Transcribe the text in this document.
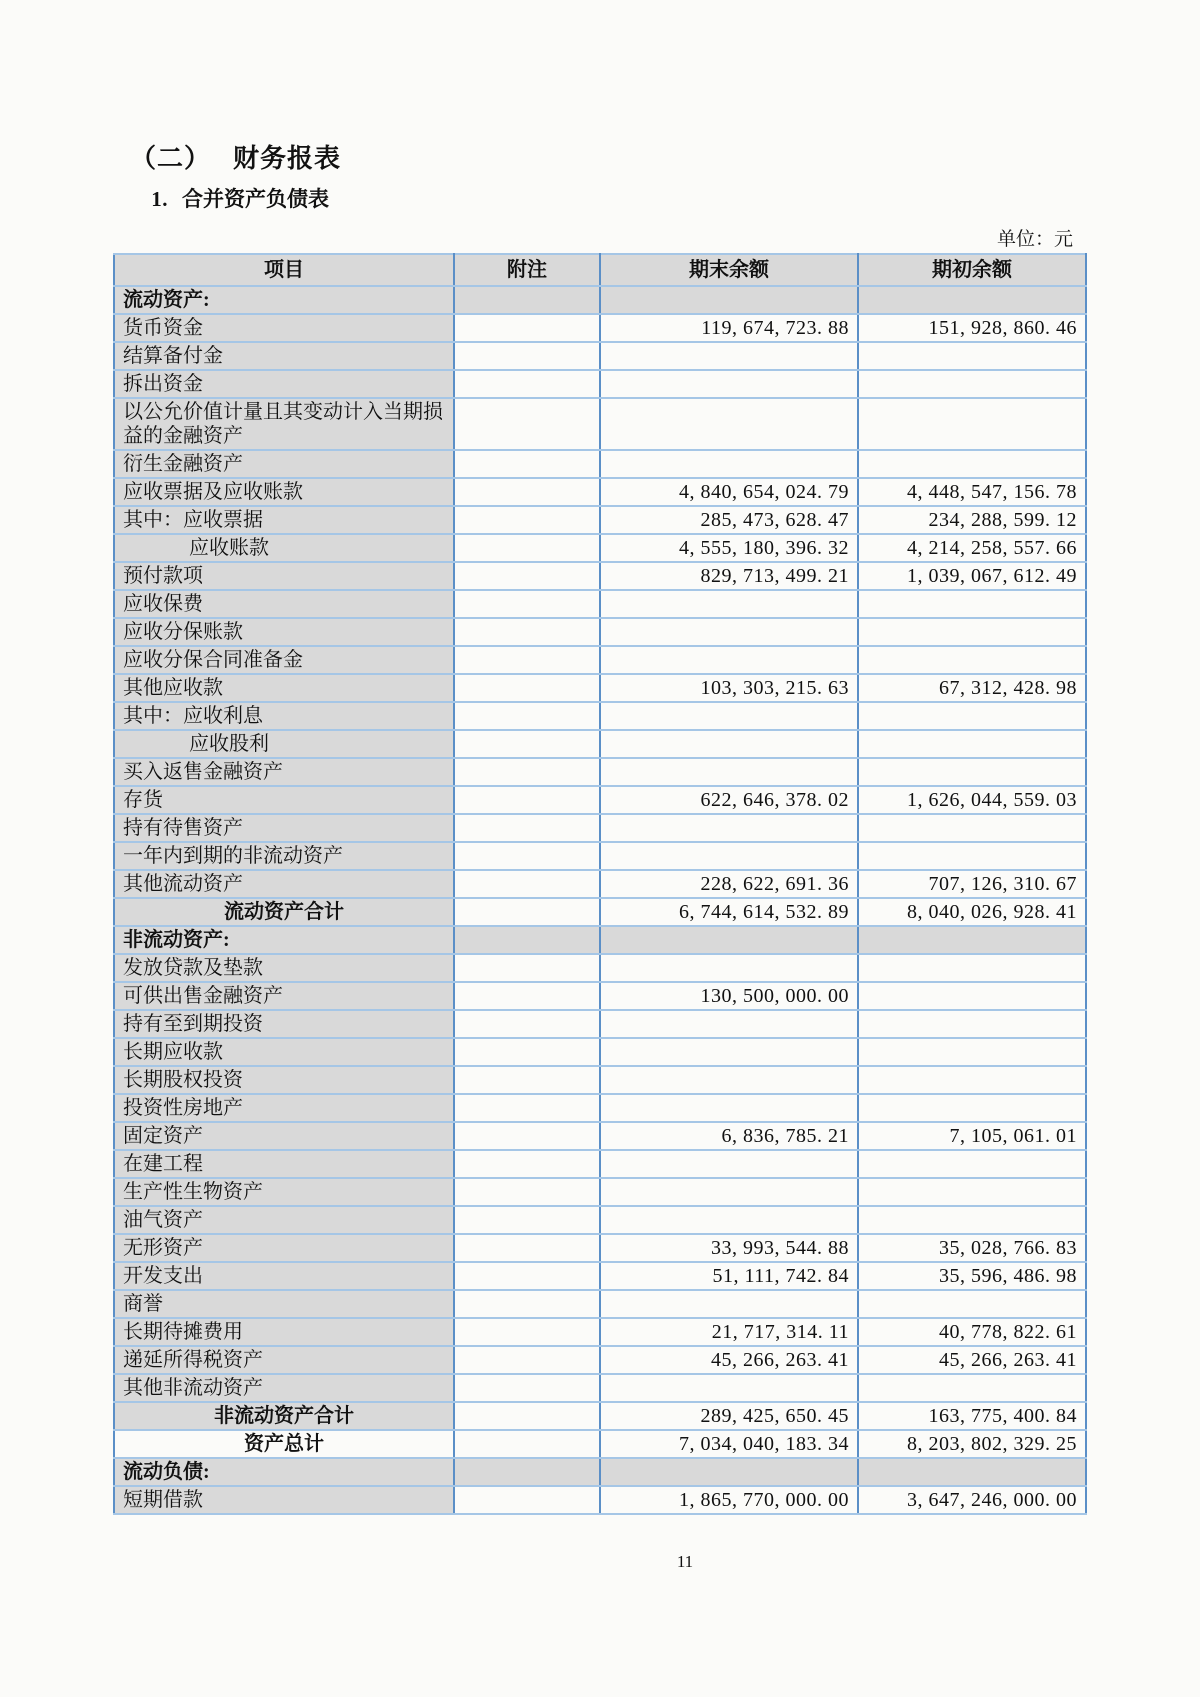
（二） 财务报表
1. 合并资产负债表
单位：元
项目	附注	期末余额	期初余额
流动资产:			
货币资金		119, 674, 723. 88	151, 928, 860. 46
结算备付金			
拆出资金			
以公允价值计量且其变动计入当期损益的金融资产			
衍生金融资产			
应收票据及应收账款		4, 840, 654, 024. 79	4, 448, 547, 156. 78
其中：应收票据		285, 473, 628. 47	234, 288, 599. 12
应收账款		4, 555, 180, 396. 32	4, 214, 258, 557. 66
预付款项		829, 713, 499. 21	1, 039, 067, 612. 49
应收保费			
应收分保账款			
应收分保合同准备金			
其他应收款		103, 303, 215. 63	67, 312, 428. 98
其中：应收利息			
应收股利			
买入返售金融资产			
存货		622, 646, 378. 02	1, 626, 044, 559. 03
持有待售资产			
一年内到期的非流动资产			
其他流动资产		228, 622, 691. 36	707, 126, 310. 67
流动资产合计		6, 744, 614, 532. 89	8, 040, 026, 928. 41
非流动资产:			
发放贷款及垫款			
可供出售金融资产		130, 500, 000. 00	
持有至到期投资			
长期应收款			
长期股权投资			
投资性房地产			
固定资产		6, 836, 785. 21	7, 105, 061. 01
在建工程			
生产性生物资产			
油气资产			
无形资产		33, 993, 544. 88	35, 028, 766. 83
开发支出		51, 111, 742. 84	35, 596, 486. 98
商誉			
长期待摊费用		21, 717, 314. 11	40, 778, 822. 61
递延所得税资产		45, 266, 263. 41	45, 266, 263. 41
其他非流动资产			
非流动资产合计		289, 425, 650. 45	163, 775, 400. 84
资产总计		7, 034, 040, 183. 34	8, 203, 802, 329. 25
流动负债:			
短期借款		1, 865, 770, 000. 00	3, 647, 246, 000. 00
11
